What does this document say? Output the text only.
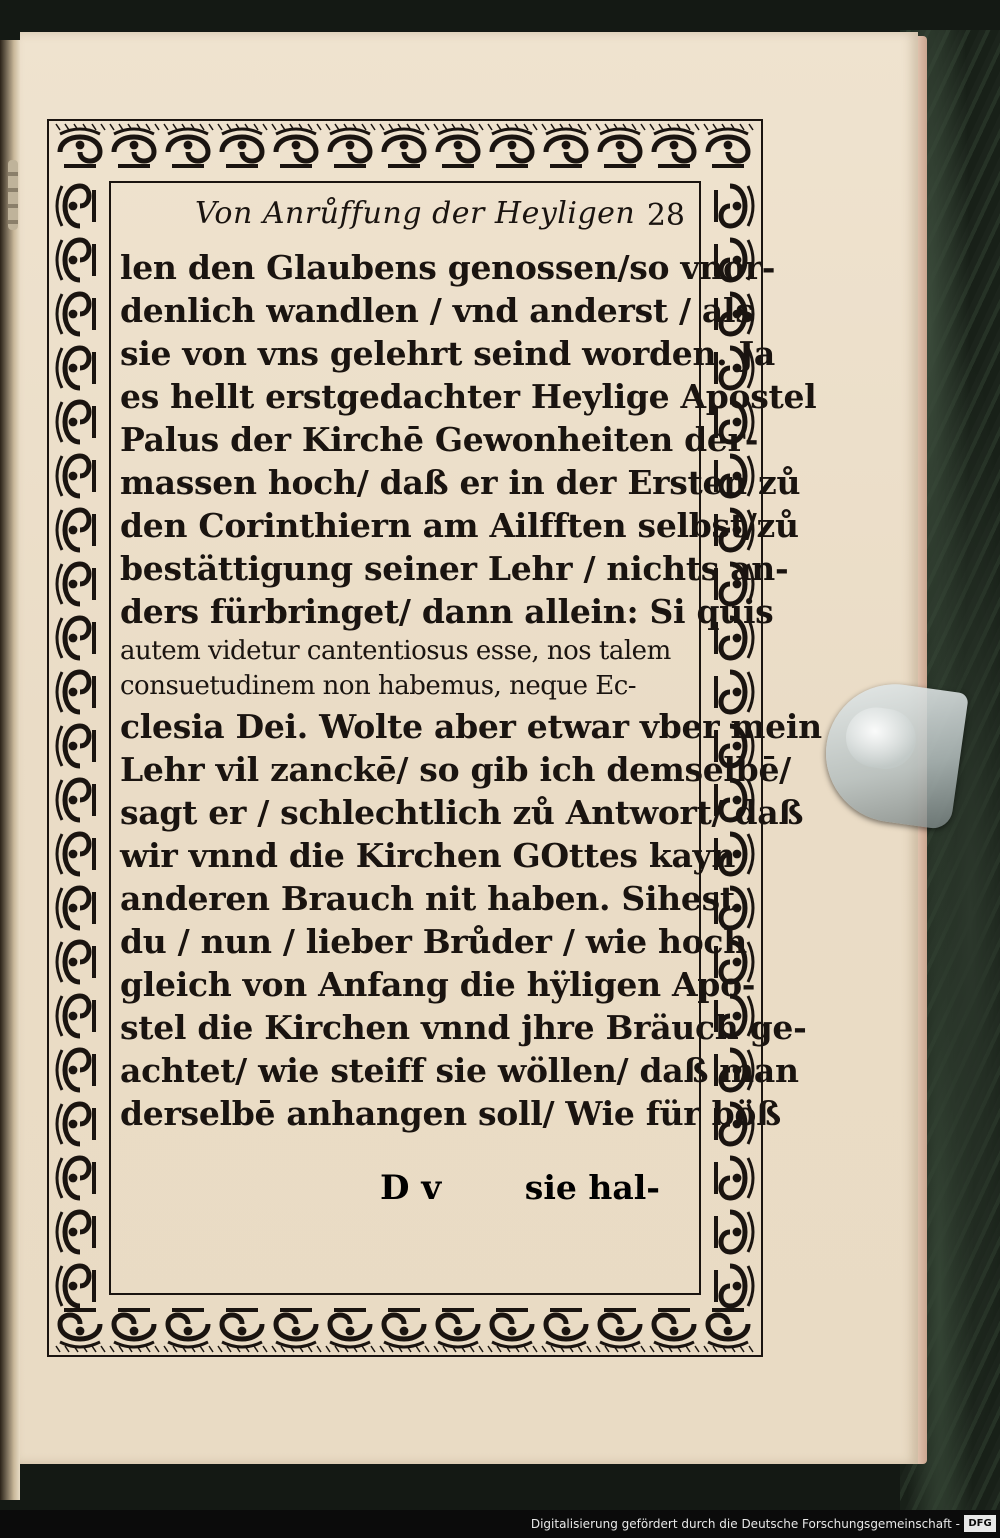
Von Anrůffung der Heyligen 28
len den Glaubens genossen/so vnor-
denlich wandlen / vnd anderst / als
sie von vns gelehrt seind worden. Ja
es hellt erstgedachter Heylige Apostel
Palus der Kirchē Gewonheiten der-
massen hoch/ daß er in der Ersten zů
den Corinthiern am Ailfften selbst/zů
bestättigung seiner Lehr / nichts an-
ders fürbringet/ dann allein: Si quis
autem videtur cantentiosus esse, nos talem
consuetudinem non habemus, neque Ec-
clesia Dei. Wolte aber etwar vber mein
Lehr vil zanckē/ so gib ich demselbē/
sagt er / schlechtlich zů Antwort/ daß
wir vnnd die Kirchen GOttes kayn
anderen Brauch nit haben. Sihest
du / nun / lieber Brůder / wie hoch
gleich von Anfang die hÿligen Apo-
stel die Kirchen vnnd jhre Bräuch ge-
achtet/ wie steiff sie wöllen/ daß man
derselbē anhangen soll/ Wie für böß
D v	sie hal-
Digitalisierung gefördert durch die Deutsche Forschungsgemeinschaft - DFG
